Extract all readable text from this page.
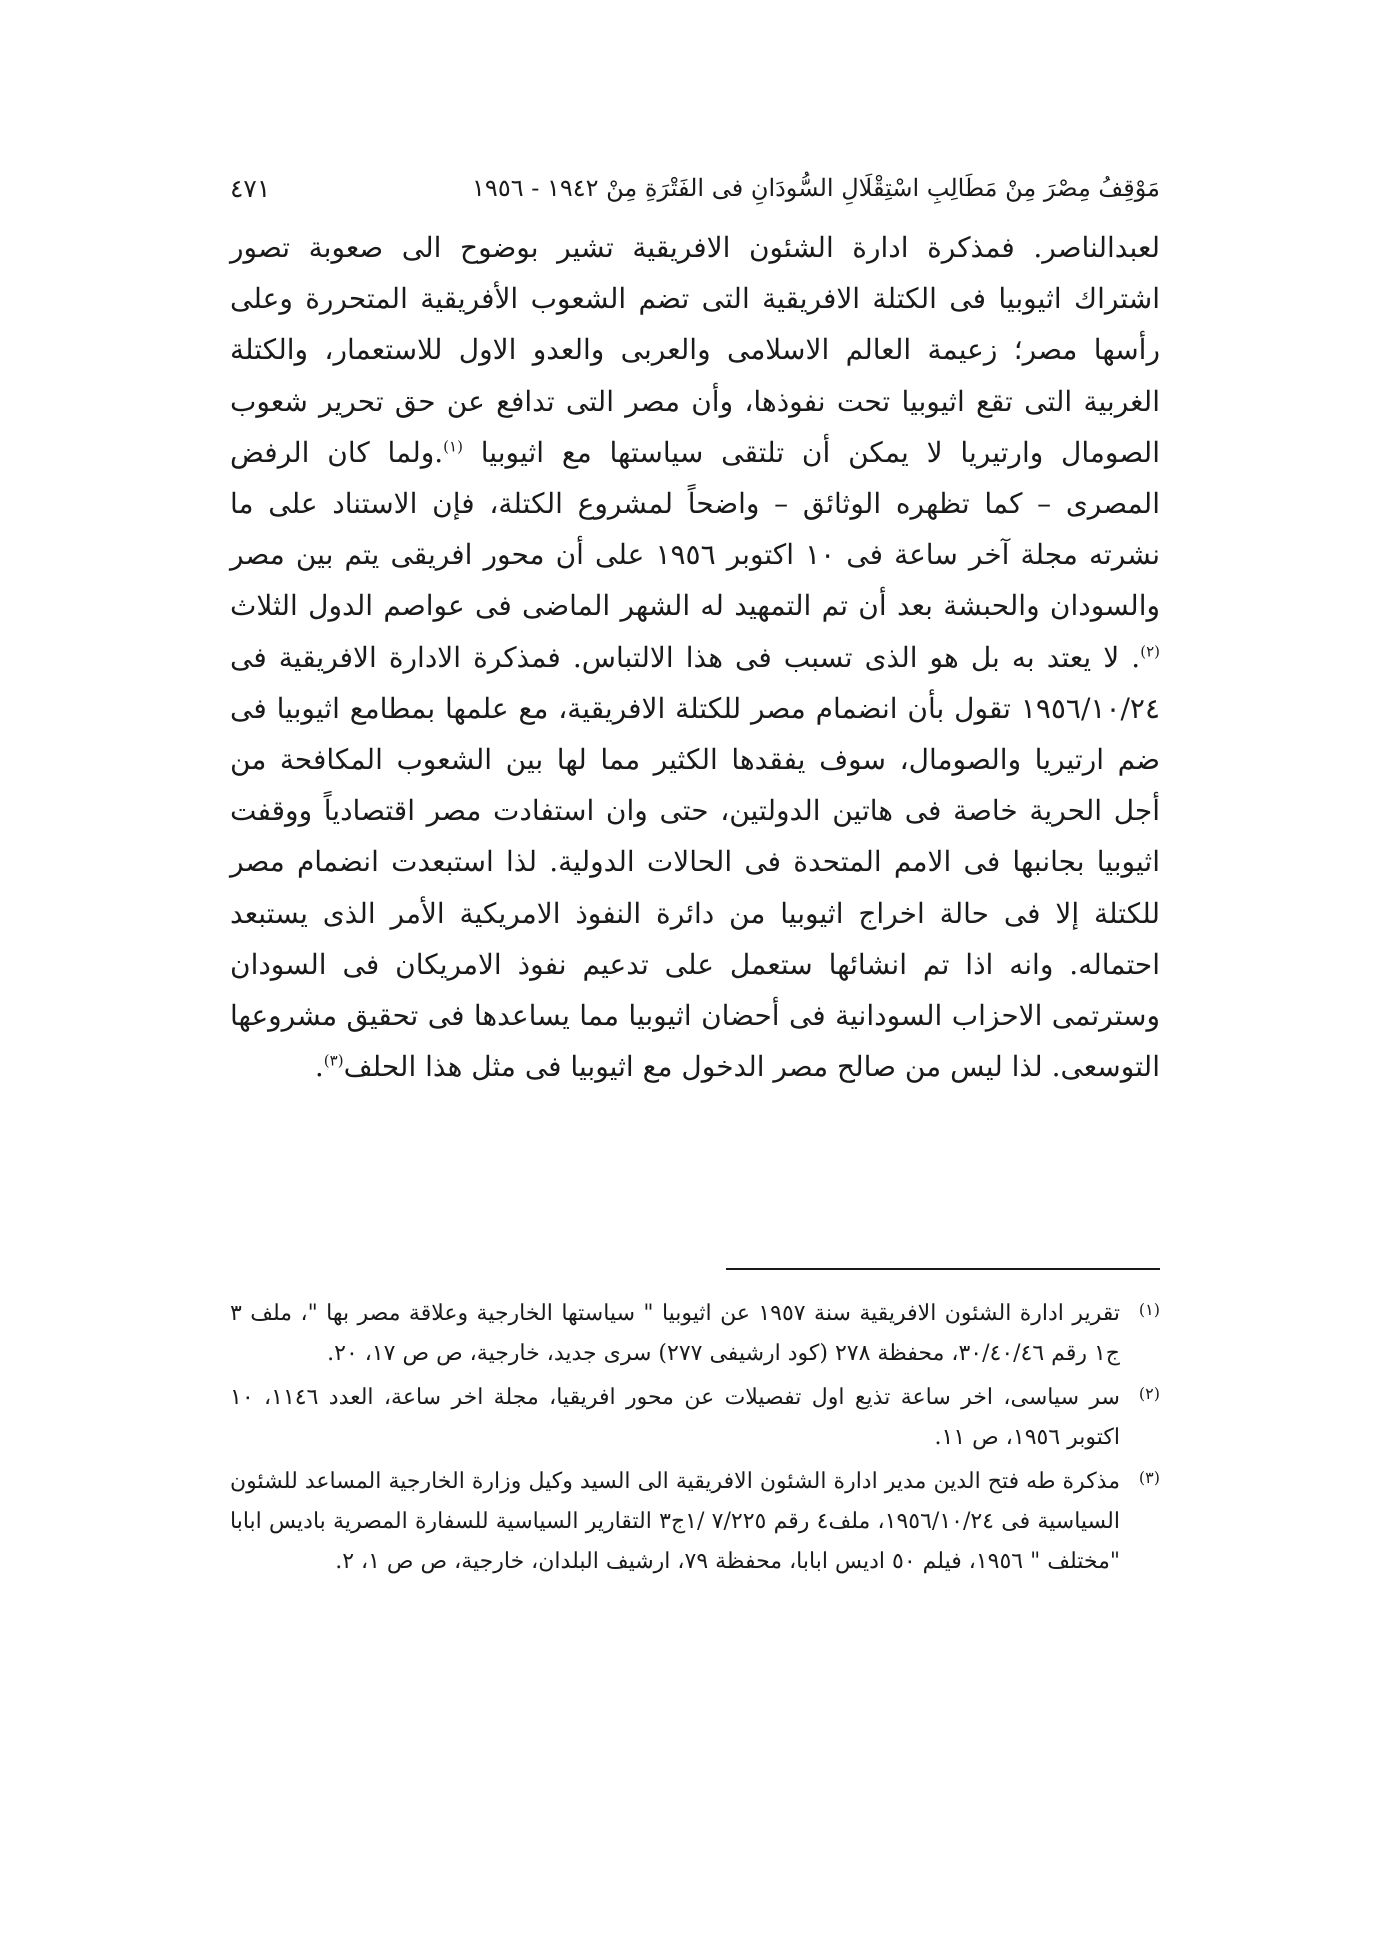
مَوْقِفُ مِصْرَ مِنْ مَطَالِبِ اسْتِقْلَالِ السُّودَانِ فى الفَتْرَةِ مِنْ ١٩٤٢ - ١٩٥٦
٤٧١

لعبدالناصر. فمذكرة ادارة الشئون الافريقية تشير بوضوح الى صعوبة تصور اشتراك اثيوبيا فى الكتلة الافريقية التى تضم الشعوب الأفريقية المتحررة وعلى رأسها مصر؛ زعيمة العالم الاسلامى والعربى والعدو الاول للاستعمار، والكتلة الغربية التى تقع اثيوبيا تحت نفوذها، وأن مصر التى تدافع عن حق تحرير شعوب الصومال وارتيريا لا يمكن أن تلتقى سياستها مع اثيوبيا $^{(١)}$.ولما كان الرفض المصرى – كما تظهره الوثائق – واضحاً لمشروع الكتلة، فإن الاستناد على ما نشرته مجلة آخر ساعة فى ١٠ اكتوبر ١٩٥٦ على أن محور افريقى يتم بين مصر والسودان والحبشة بعد أن تم التمهيد له الشهر الماضى فى عواصم الدول الثلاث $^{(٢)}$. لا يعتد به بل هو الذى تسبب فى هذا الالتباس. فمذكرة الادارة الافريقية فى ١٩٥٦/١٠/٢٤ تقول بأن انضمام مصر للكتلة الافريقية، مع علمها بمطامع اثيوبيا فى ضم ارتيريا والصومال، سوف يفقدها الكثير مما لها بين الشعوب المكافحة من أجل الحرية خاصة فى هاتين الدولتين، حتى وان استفادت مصر اقتصادياً ووقفت اثيوبيا بجانبها فى الامم المتحدة فى الحالات الدولية. لذا استبعدت انضمام مصر للكتلة إلا فى حالة اخراج اثيوبيا من دائرة النفوذ الامريكية الأمر الذى يستبعد احتماله. وانه اذا تم انشائها ستعمل على تدعيم نفوذ الامريكان فى السودان وسترتمى الاحزاب السودانية فى أحضان اثيوبيا مما يساعدها فى تحقيق مشروعها التوسعى. لذا ليس من صالح مصر الدخول مع اثيوبيا فى مثل هذا الحلف$^{(٣)}$.

(١)
تقرير ادارة الشئون الافريقية سنة ١٩٥٧ عن اثيوبيا " سياستها الخارجية وعلاقة مصر بها "، ملف ٣ ج١ رقم ٣٠/٤٠/٤٦، محفظة ٢٧٨ (كود ارشيفى ٢٧٧) سرى جديد، خارجية، ص ص ١٧، ٢٠.
(٢)
سر سياسى، اخر ساعة تذيع اول تفصيلات عن محور افريقيا، مجلة اخر ساعة، العدد ١١٤٦، ١٠ اكتوبر ١٩٥٦، ص ١١.
(٣)
مذكرة طه فتح الدين مدير ادارة الشئون الافريقية الى السيد وكيل وزارة الخارجية المساعد للشئون السياسية فى ١٩٥٦/١٠/٢٤، ملف٤ رقم ٧/٢٢٥ /١ج٣ التقارير السياسية للسفارة المصرية باديس ابابا "مختلف " ١٩٥٦، فيلم ٥٠ اديس ابابا، محفظة ٧٩، ارشيف البلدان، خارجية، ص ص ١، ٢.
